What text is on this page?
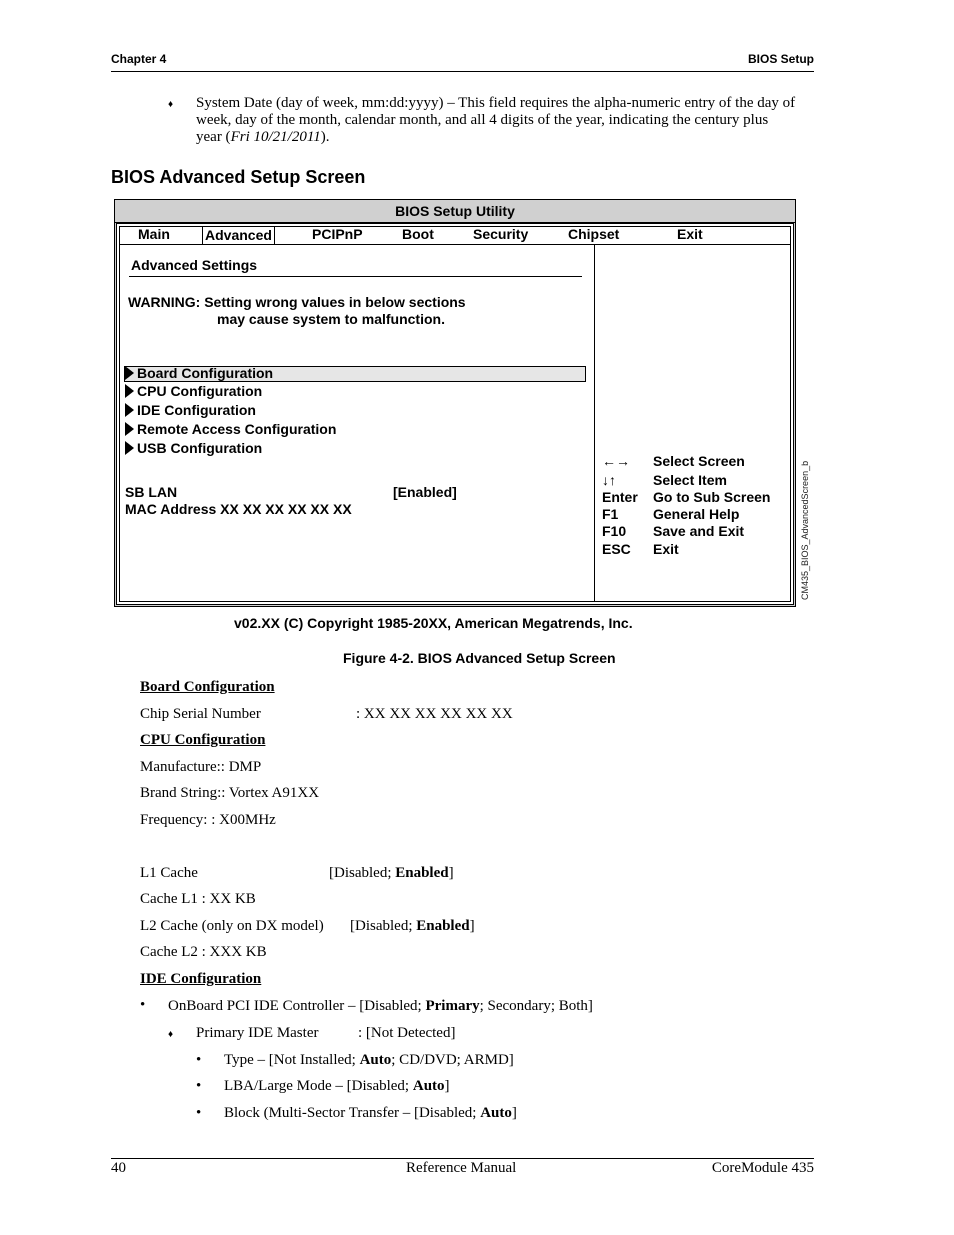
Chapter 4	BIOS Setup
♦ System Date (day of week, mm:dd:yyyy) – This field requires the alpha-numeric entry of the day of
week, day of the month, calendar month, and all 4 digits of the year, indicating the century plus
year (Fri 10/21/2011).
BIOS Advanced Setup Screen
BIOS Setup Utility
Main	Advanced	PCIPnP	Boot	Security	Chipset	Exit
Advanced Settings
WARNING: Setting wrong values in below sections
may cause system to malfunction.
Board Configuration
CPU Configuration
IDE Configuration
Remote Access Configuration
USB Configuration
SB LAN	[Enabled]
MAC Address XX XX XX XX XX XX
←→ Select Screen
↓↑	Select Item
Enter Go to Sub Screen
F1 General Help
F10 Save and Exit
ESC Exit	CM435_BIOS_AdvancedScreen_b
v02.XX (C) Copyright 1985-20XX, American Megatrends, Inc.
Figure 4-2. BIOS Advanced Setup Screen
Board Configuration
Chip Serial Number	: XX XX XX XX XX XX
CPU Configuration
Manufacture:: DMP
Brand String:: Vortex A91XX
Frequency: : X00MHz
L1 Cache	[Disabled; Enabled]
Cache L1 : XX KB
L2 Cache (only on DX model) [Disabled; Enabled]
Cache L2 : XXX KB
IDE Configuration
• OnBoard PCI IDE Controller – [Disabled; Primary; Secondary; Both]
♦ Primary IDE Master	: [Not Detected]
• Type – [Not Installed; Auto; CD/DVD; ARMD]
• LBA/Large Mode – [Disabled; Auto]
• Block (Multi-Sector Transfer – [Disabled; Auto]
40	Reference Manual	CoreModule 435
